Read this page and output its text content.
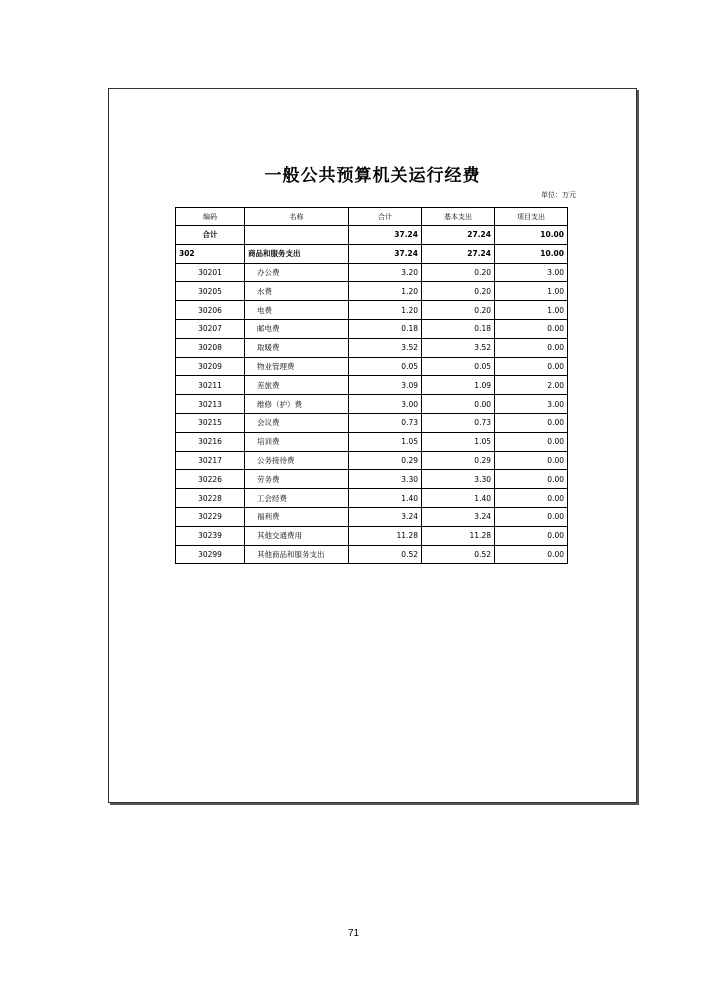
一般公共预算机关运行经费
单位：万元
编码	名称	合计	基本支出	项目支出
合计		37.24	27.24	10.00
302	商品和服务支出	37.24	27.24	10.00
30201	办公费	3.20	0.20	3.00
30205	水费	1.20	0.20	1.00
30206	电费	1.20	0.20	1.00
30207	邮电费	0.18	0.18	0.00
30208	取暖费	3.52	3.52	0.00
30209	物业管理费	0.05	0.05	0.00
30211	差旅费	3.09	1.09	2.00
30213	维修（护）费	3.00	0.00	3.00
30215	会议费	0.73	0.73	0.00
30216	培训费	1.05	1.05	0.00
30217	公务接待费	0.29	0.29	0.00
30226	劳务费	3.30	3.30	0.00
30228	工会经费	1.40	1.40	0.00
30229	福利费	3.24	3.24	0.00
30239	其他交通费用	11.28	11.28	0.00
30299	其他商品和服务支出	0.52	0.52	0.00
71
